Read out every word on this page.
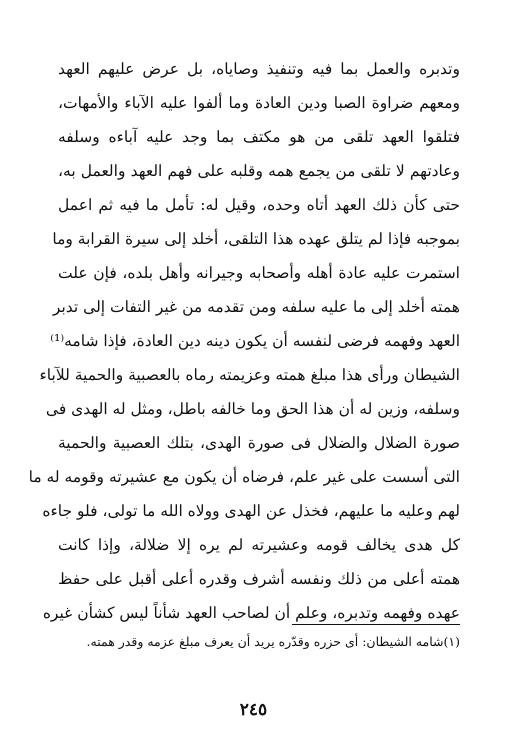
وتدبره والعمل بما فيه وتنفيذ وصاياه، بل عرض عليهم العهد
ومعهم ضراوة الصبا ودين العادة وما ألفوا عليه الآباء والأمهات،
فتلقوا العهد تلقى من هو مكتف بما وجد عليه آباءه وسلفه
وعادتهم لا تلقى من يجمع همه وقلبه على فهم العهد والعمل به،
حتى كأن ذلك العهد أتاه وحده، وقيل له: تأمل ما فيه ثم اعمل
بموجبه فإذا لم يتلق عهده هذا التلقى، أخلد إلى سيرة القرابة وما
استمرت عليه عادة أهله وأصحابه وجيرانه وأهل بلده، فإن علت
همته أخلد إلى ما عليه سلفه ومن تقدمه من غير التفات إلى تدبر
العهد وفهمه فرضى لنفسه أن يكون دينه دين العادة، فإذا شامه⁽¹⁾
الشيطان ورأى هذا مبلغ همته وعزيمته رماه بالعصبية والحمية للآباء
وسلفه، وزين له أن هذا الحق وما خالفه باطل، ومثل له الهدى فى
صورة الضلال والضلال فى صورة الهدى، بتلك العصبية والحمية
التى أسست على غير علم، فرضاه أن يكون مع عشيرته وقومه له ما
لهم وعليه ما عليهم، فخذل عن الهدى وولاه الله ما تولى، فلو جاءه
كل هدى يخالف قومه وعشيرته لم يره إلا ضلالة، وإذا كانت
همته أعلى من ذلك ونفسه أشرف وقدره أعلى أقبل على حفظ
عهده وفهمه وتدبره، وعلم أن لصاحب العهد شأناً ليس كشأن غيره
(١)شامه الشيطان: أى حزره وقدّره يريد أن يعرف مبلغ عزمه وقدر همته.
٢٤٥
